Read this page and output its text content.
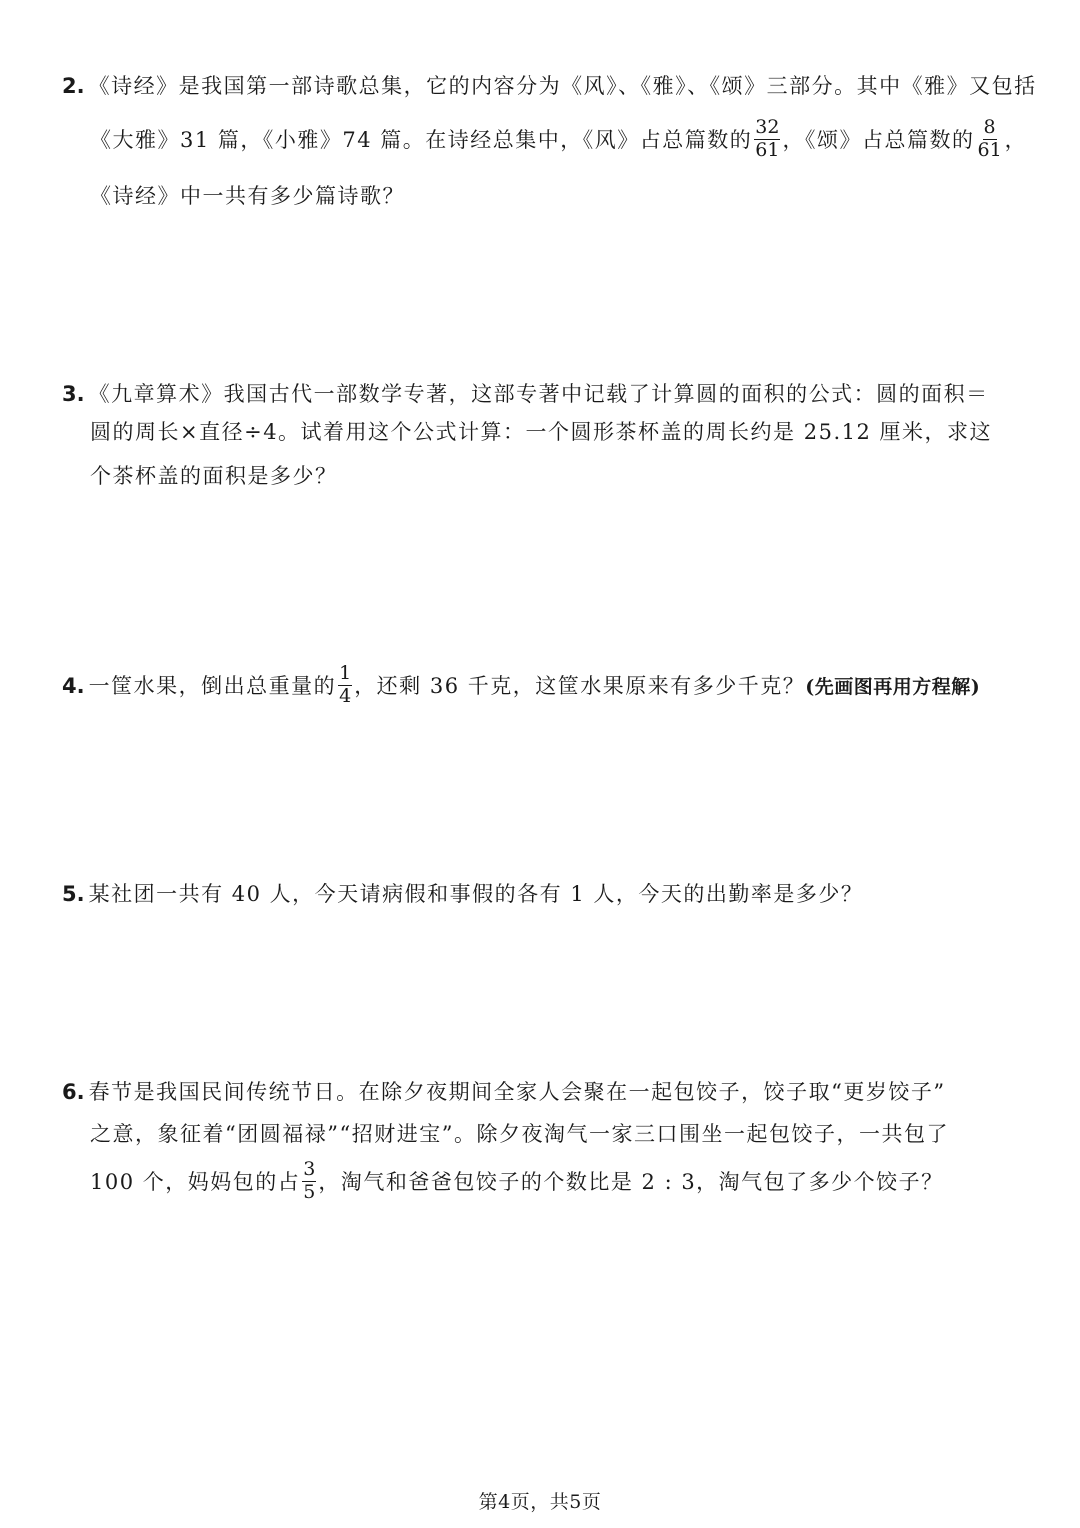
2. 《诗经》是我国第一部诗歌总集，它的内容分为《风》、《雅》、《颂》三部分。其中《雅》又包括
《大雅》31 篇，《小雅》74 篇。在诗经总集中，《风》占总篇数的 $\frac{32}{61}$ ，《颂》占总篇数的 $\frac{8}{61}$ ，
《诗经》中一共有多少篇诗歌？
3. 《九章算术》我国古代一部数学专著，这部专著中记载了计算圆的面积的公式：圆的面积＝
圆的周长×直径÷4。试着用这个公式计算：一个圆形茶杯盖的周长约是 25.12 厘米，求这
个茶杯盖的面积是多少？
4. 一筐水果，倒出总重量的 $\frac{1}{4}$ ，还剩 36 千克，这筐水果原来有多少千克？(先画图再用方程解)
5. 某社团一共有 40 人，今天请病假和事假的各有 1 人，今天的出勤率是多少？
6. 春节是我国民间传统节日。在除夕夜期间全家人会聚在一起包饺子，饺子取“更岁饺子”
之意，象征着“团圆福禄”“招财进宝”。除夕夜淘气一家三口围坐一起包饺子，一共包了
100 个，妈妈包的占 $\frac{3}{5}$ ，淘气和爸爸包饺子的个数比是 2 : 3，淘气包了多少个饺子？
第4页，共5页
